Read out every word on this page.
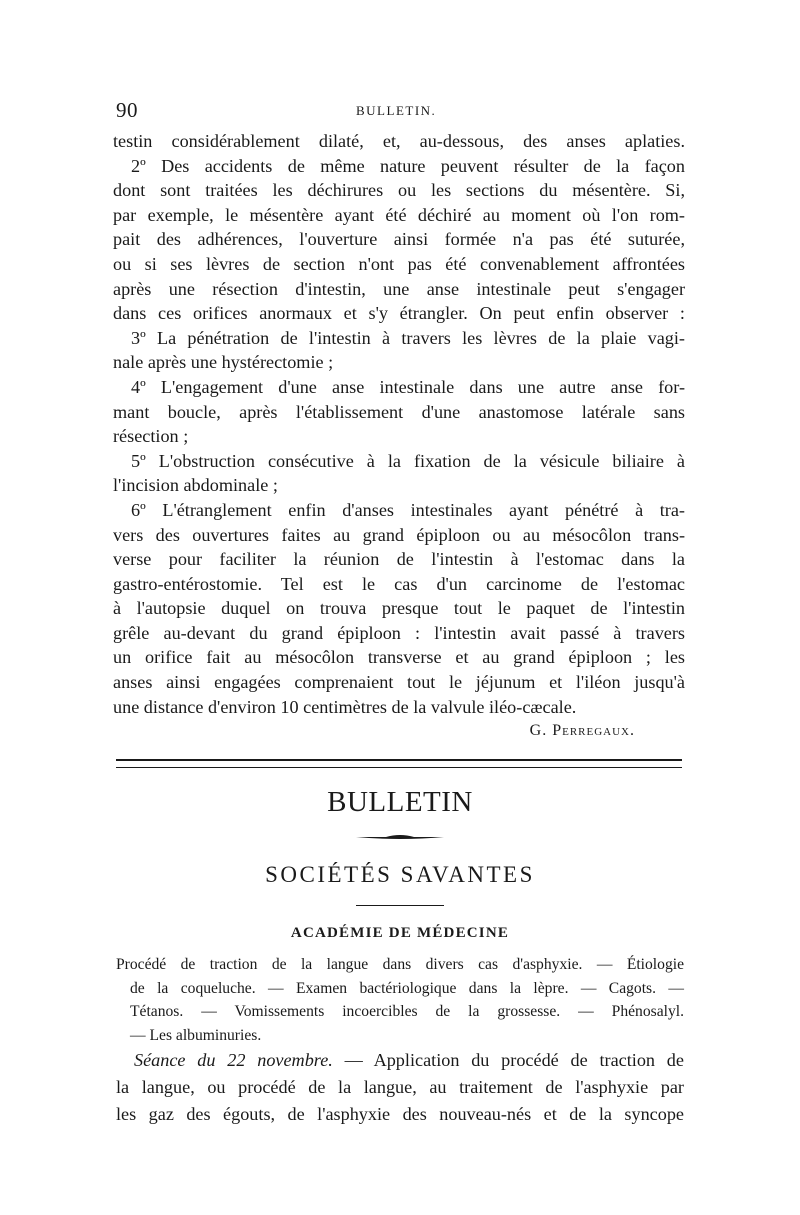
90	BULLETIN.
testin considérablement dilaté, et, au-dessous, des anses aplaties.
2º Des accidents de même nature peuvent résulter de la façon
dont sont traitées les déchirures ou les sections du mésentère. Si,
par exemple, le mésentère ayant été déchiré au moment où l'on rom-
pait des adhérences, l'ouverture ainsi formée n'a pas été suturée,
ou si ses lèvres de section n'ont pas été convenablement affrontées
après une résection d'intestin, une anse intestinale peut s'engager
dans ces orifices anormaux et s'y étrangler. On peut enfin observer :
3º La pénétration de l'intestin à travers les lèvres de la plaie vagi-
nale après une hystérectomie ;
4º L'engagement d'une anse intestinale dans une autre anse for-
mant boucle, après l'établissement d'une anastomose latérale sans
résection ;
5º L'obstruction consécutive à la fixation de la vésicule biliaire à
l'incision abdominale ;
6º L'étranglement enfin d'anses intestinales ayant pénétré à tra-
vers des ouvertures faites au grand épiploon ou au mésocôlon trans-
verse pour faciliter la réunion de l'intestin à l'estomac dans la
gastro-entérostomie. Tel est le cas d'un carcinome de l'estomac
à l'autopsie duquel on trouva presque tout le paquet de l'intestin
grêle au-devant du grand épiploon : l'intestin avait passé à travers
un orifice fait au mésocôlon transverse et au grand épiploon ; les
anses ainsi engagées comprenaient tout le jéjunum et l'iléon jusqu'à
une distance d'environ 10 centimètres de la valvule iléo-cæcale.
G. Perregaux.
BULLETIN
SOCIÉTÉS SAVANTES
ACADÉMIE DE MÉDECINE
Procédé de traction de la langue dans divers cas d'asphyxie. — Étiologie
de la coqueluche. — Examen bactériologique dans la lèpre. — Cagots. —
Tétanos. — Vomissements incoercibles de la grossesse. — Phénosalyl.
— Les albuminuries.
Séance du 22 novembre. — Application du procédé de traction de
la langue, ou procédé de la langue, au traitement de l'asphyxie par
les gaz des égouts, de l'asphyxie des nouveau-nés et de la syncope
